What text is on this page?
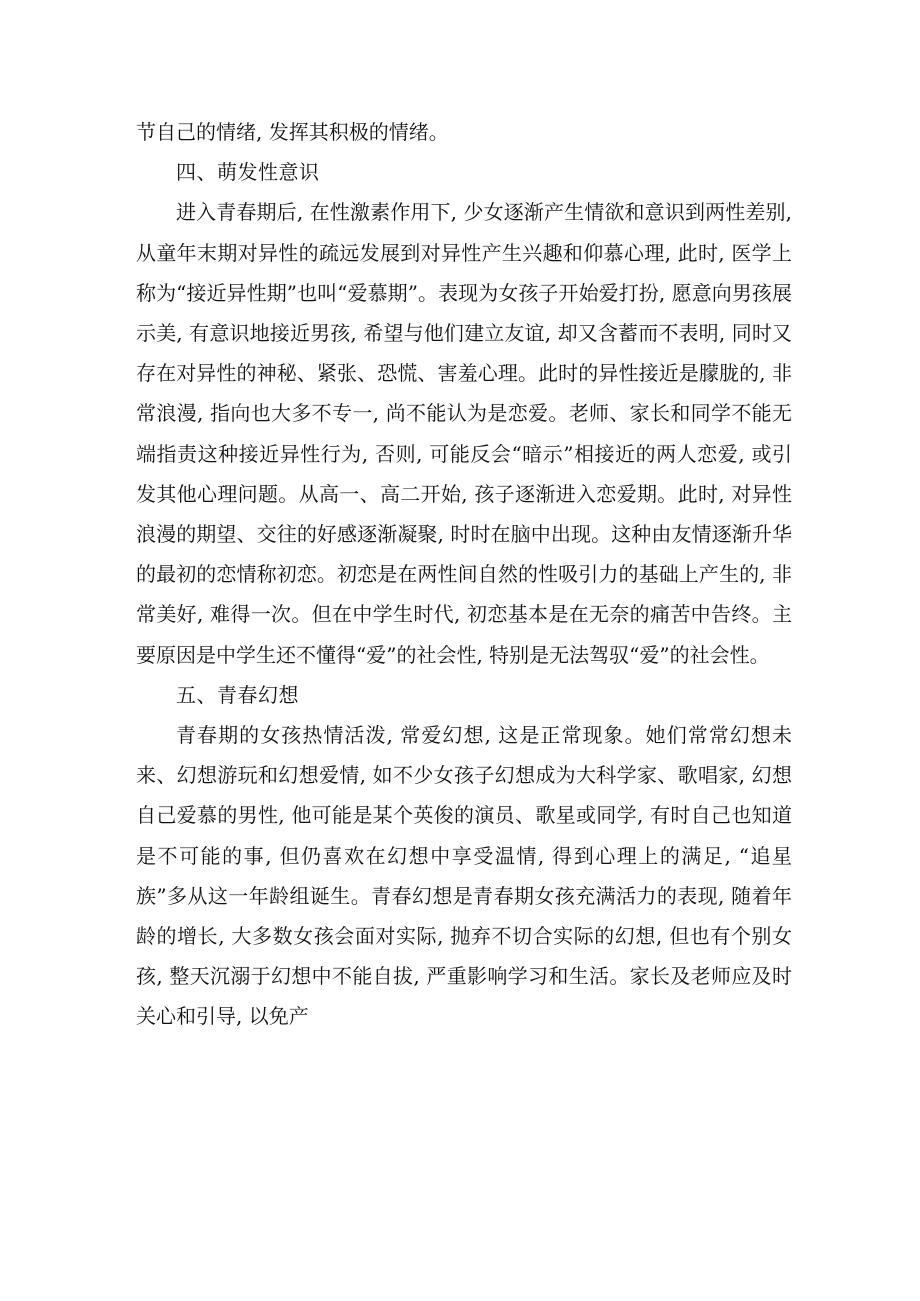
节自己的情绪, 发挥其积极的情绪。

四、萌发性意识

进入青春期后, 在性激素作用下, 少女逐渐产生情欲和意识到两性差别, 从童年末期对异性的疏远发展到对异性产生兴趣和仰慕心理, 此时, 医学上称为“接近异性期”也叫“爱慕期”。表现为女孩子开始爱打扮, 愿意向男孩展示美, 有意识地接近男孩, 希望与他们建立友谊, 却又含蓄而不表明, 同时又存在对异性的神秘、紧张、恐慌、害羞心理。此时的异性接近是朦胧的, 非常浪漫, 指向也大多不专一, 尚不能认为是恋爱。老师、家长和同学不能无端指责这种接近异性行为, 否则, 可能反会“暗示”相接近的两人恋爱, 或引发其他心理问题。从高一、高二开始, 孩子逐渐进入恋爱期。此时, 对异性浪漫的期望、交往的好感逐渐凝聚, 时时在脑中出现。这种由友情逐渐升华的最初的恋情称初恋。初恋是在两性间自然的性吸引力的基础上产生的, 非常美好, 难得一次。但在中学生时代, 初恋基本是在无奈的痛苦中告终。主要原因是中学生还不懂得“爱”的社会性, 特别是无法驾驭“爱”的社会性。

五、青春幻想

青春期的女孩热情活泼, 常爱幻想, 这是正常现象。她们常常幻想未来、幻想游玩和幻想爱情, 如不少女孩子幻想成为大科学家、歌唱家, 幻想自己爱慕的男性, 他可能是某个英俊的演员、歌星或同学, 有时自己也知道是不可能的事, 但仍喜欢在幻想中享受温情, 得到心理上的满足, “追星族”多从这一年龄组诞生。青春幻想是青春期女孩充满活力的表现, 随着年龄的增长, 大多数女孩会面对实际, 抛弃不切合实际的幻想, 但也有个别女孩, 整天沉溺于幻想中不能自拔, 严重影响学习和生活。家长及老师应及时关心和引导, 以免产
